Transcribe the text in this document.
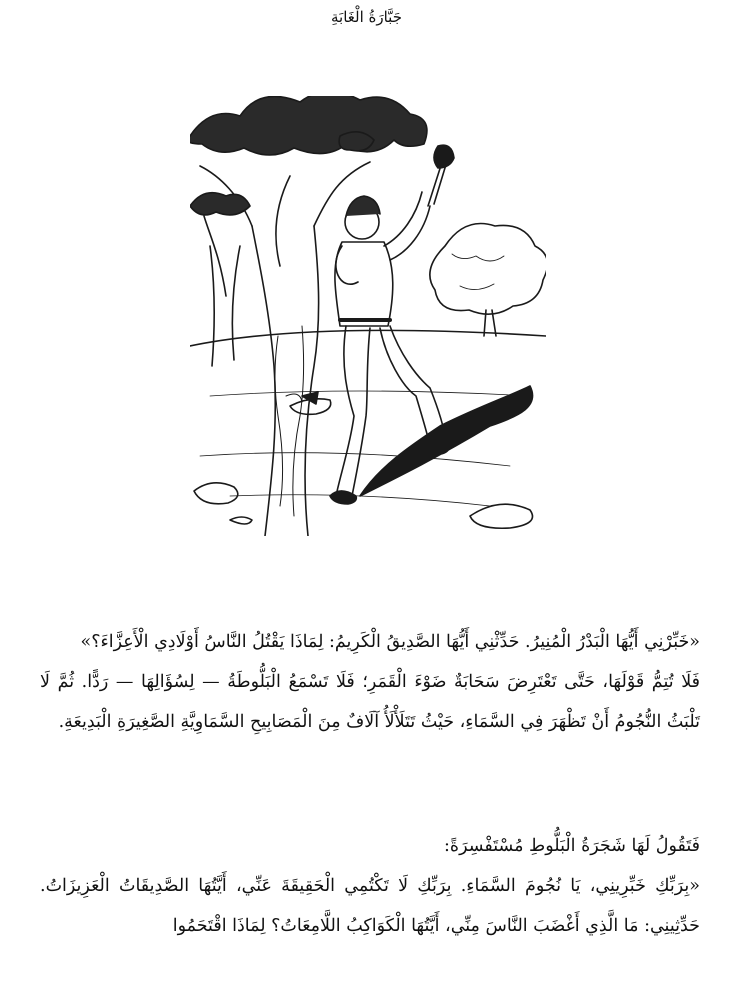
جَبَّارَةُ الْغَابَةِ

«خَبِّرْنِي أَيُّهَا الْبَدْرُ الْمُنِيرُ. حَدِّثْنِي أَيُّهَا الصَّدِيقُ الْكَرِيمُ: لِمَاذَا يَقْتُلُ النَّاسُ أَوْلَادِي الْأَعِزَّاءَ؟»

فَلَا تُتِمُّ قَوْلَهَا، حَتَّى تَعْتَرِضَ سَحَابَةٌ ضَوْءَ الْقَمَرِ؛ فَلَا تَسْمَعُ الْبَلُّوطَةُ — لِسُؤَالِهَا — رَدًّا. ثُمَّ لَا تَلْبَثُ النُّجُومُ أَنْ تَظْهَرَ فِي السَّمَاءِ، حَيْثُ تَتَلَأْلَأُ آلَافٌ مِنَ الْمَصَابِيحِ السَّمَاوِيَّةِ الصَّغِيرَةِ الْبَدِيعَةِ.

فَتَقُولُ لَهَا شَجَرَةُ الْبَلُّوطِ مُسْتَفْسِرَةً:

«بِرَبِّكِ خَبِّرِينِي، يَا نُجُومَ السَّمَاءِ. بِرَبِّكِ لَا تَكْتُمِي الْحَقِيقَةَ عَنِّي، أَيَّتُهَا الصَّدِيقَاتُ الْعَزِيزَاتُ. حَدِّثِينِي: مَا الَّذِي أَغْضَبَ النَّاسَ مِنِّي، أَيَّتُهَا الْكَوَاكِبُ اللَّامِعَاتُ؟ لِمَاذَا اقْتَحَمُوا
